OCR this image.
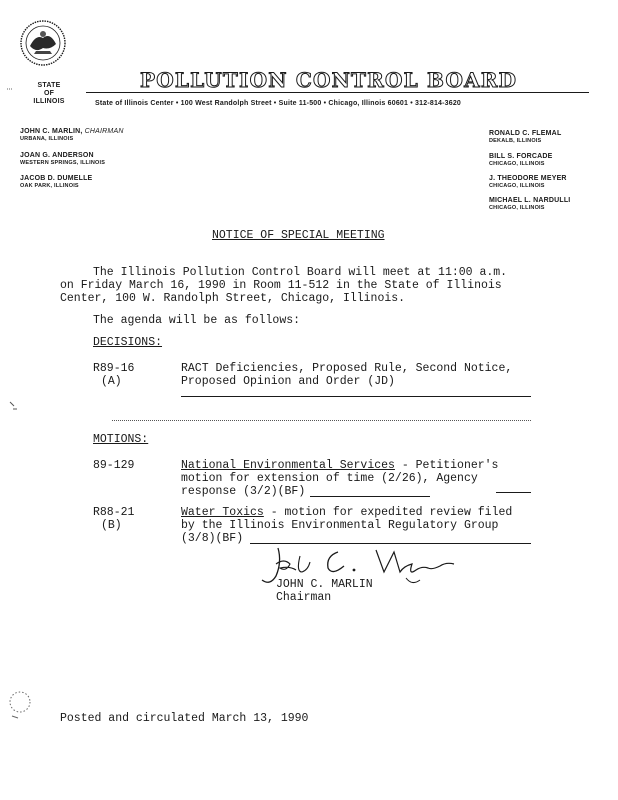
STATE
OF
ILLINOIS
POLLUTION CONTROL BOARD
State of Illinois Center • 100 West Randolph Street • Suite 11-500 • Chicago, Illinois 60601 • 312-814-3620
JOHN C. MARLIN, CHAIRMAN
URBANA, ILLINOIS
JOAN G. ANDERSON
WESTERN SPRINGS, ILLINOIS
JACOB D. DUMELLE
OAK PARK, ILLINOIS
RONALD C. FLEMAL
DEKALB, ILLINOIS
BILL S. FORCADE
CHICAGO, ILLINOIS
J. THEODORE MEYER
CHICAGO, ILLINOIS
MICHAEL L. NARDULLI
CHICAGO, ILLINOIS
NOTICE OF SPECIAL MEETING
The Illinois Pollution Control Board will meet at 11:00 a.m.
on Friday March 16, 1990 in Room 11-512 in the State of Illinois
Center, 100 W. Randolph Street, Chicago, Illinois.
The agenda will be as follows:
DECISIONS:
R89-16
(A)
RACT Deficiencies, Proposed Rule, Second Notice,
Proposed Opinion and Order (JD)
MOTIONS:
89-129	National Environmental Services - Petitioner's
motion for extension of time (2/26), Agency
response (3/2)(BF)
R88-21
(B)
Water Toxics - motion for expedited review filed
by the Illinois Environmental Regulatory Group
(3/8)(BF)
JOHN C. MARLIN
Chairman
Posted and circulated March 13, 1990
